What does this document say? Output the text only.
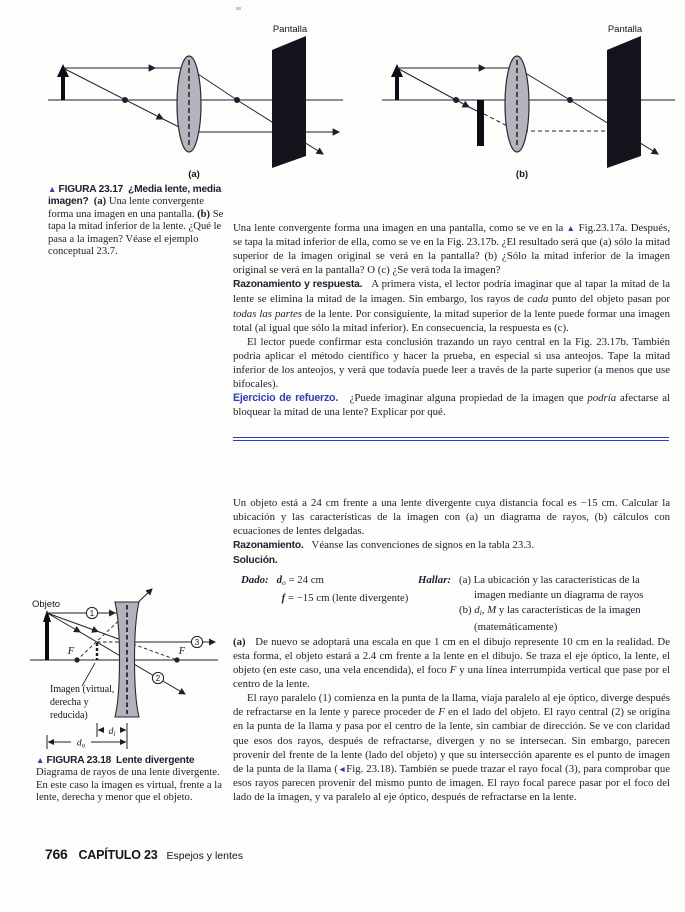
Pantalla
(a)
Pantalla
(b)
▲ FIGURA 23.17 ¿Media lente, media imagen? (a) Una lente convergente forma una imagen en una pantalla. (b) Se tapa la mitad inferior de la lente. ¿Qué le pasa a la imagen? Véase el ejemplo conceptual 23.7.

Una lente convergente forma una imagen en una pantalla, como se ve en la ▲ Fig.23.17a. Después, se tapa la mitad inferior de ella, como se ve en la Fig. 23.17b. ¿El resultado será que (a) sólo la mitad superior de la imagen original se verá en la pantalla? (b) ¿Sólo la mitad inferior de la imagen original se verá en la pantalla? O (c) ¿Se verá toda la imagen?

Razonamiento y respuesta.   A primera vista, el lector podría imaginar que al tapar la mitad de la lente se elimina la mitad de la imagen. Sin embargo, los rayos de cada punto del objeto pasan por todas las partes de la lente. Por consiguiente, la mitad superior de la lente puede formar una imagen total (al igual que sólo la mitad inferior). En consecuencia, la respuesta es (c).

El lector puede confirmar esta conclusión trazando un rayo central en la Fig. 23.17b. También podría aplicar el método científico y hacer la prueba, en especial si usa anteojos. Tape la mitad inferior de los anteojos, y verá que todavía puede leer a través de la parte superior (a menos que use bifocales).

Ejercicio de refuerzo.   ¿Puede imaginar alguna propiedad de la imagen que podría afectarse al bloquear la mitad de una lente? Explicar por qué.

Un objeto está a 24 cm frente a una lente divergente cuya distancia focal es −15 cm. Calcular la ubicación y las características de la imagen con (a) un diagrama de rayos, (b) cálculos con ecuaciones de lentes delgadas.

Razonamiento.   Véanse las convenciones de signos en la tabla 23.3.

Solución.

Dado: do = 24 cm
f = −15 cm (lente divergente)
Hallar: (a) La ubicación y las características de la imagen mediante un diagrama de rayos
(b) di, M y las características de la imagen (matemáticamente)

(a)   De nuevo se adoptará una escala en que 1 cm en el dibujo represente 10 cm en la realidad. De esta forma, el objeto estará a 2.4 cm frente a la lente en el dibujo. Se traza el eje óptico, la lente, el objeto (en este caso, una vela encendida), el foco F y una línea interrumpida vertical que pase por el centro de la lente.

El rayo paralelo (1) comienza en la punta de la llama, viaja paralelo al eje óptico, diverge después de refractarse en la lente y parece proceder de F en el lado del objeto. El rayo central (2) se origina en la punta de la llama y pasa por el centro de la lente, sin cambiar de dirección. Se ve con claridad que esos dos rayos, después de refractarse, divergen y no se intersecan. Sin embargo, parecen provenir del frente de la lente (lado del objeto) y que su intersección aparente es el punto de imagen de la punta de la llama (◄Fig. 23.18). También se puede trazar el rayo focal (3), para comprobar que esos rayos parecen provenir del mismo punto de imagen. El rayo focal parece pasar por el foco del lado de la imagen, y va paralelo al eje óptico, después de refractarse en la lente.

Objeto
F	F
1
3
2
Imagen (virtual,
derecha y
reducida)
$d_i$
$d_o$
▲ FIGURA 23.18 Lente divergente Diagrama de rayos de una lente divergente. En este caso la imagen es virtual, frente a la lente, derecha y menor que el objeto.
766 CAPÍTULO 23 Espejos y lentes
